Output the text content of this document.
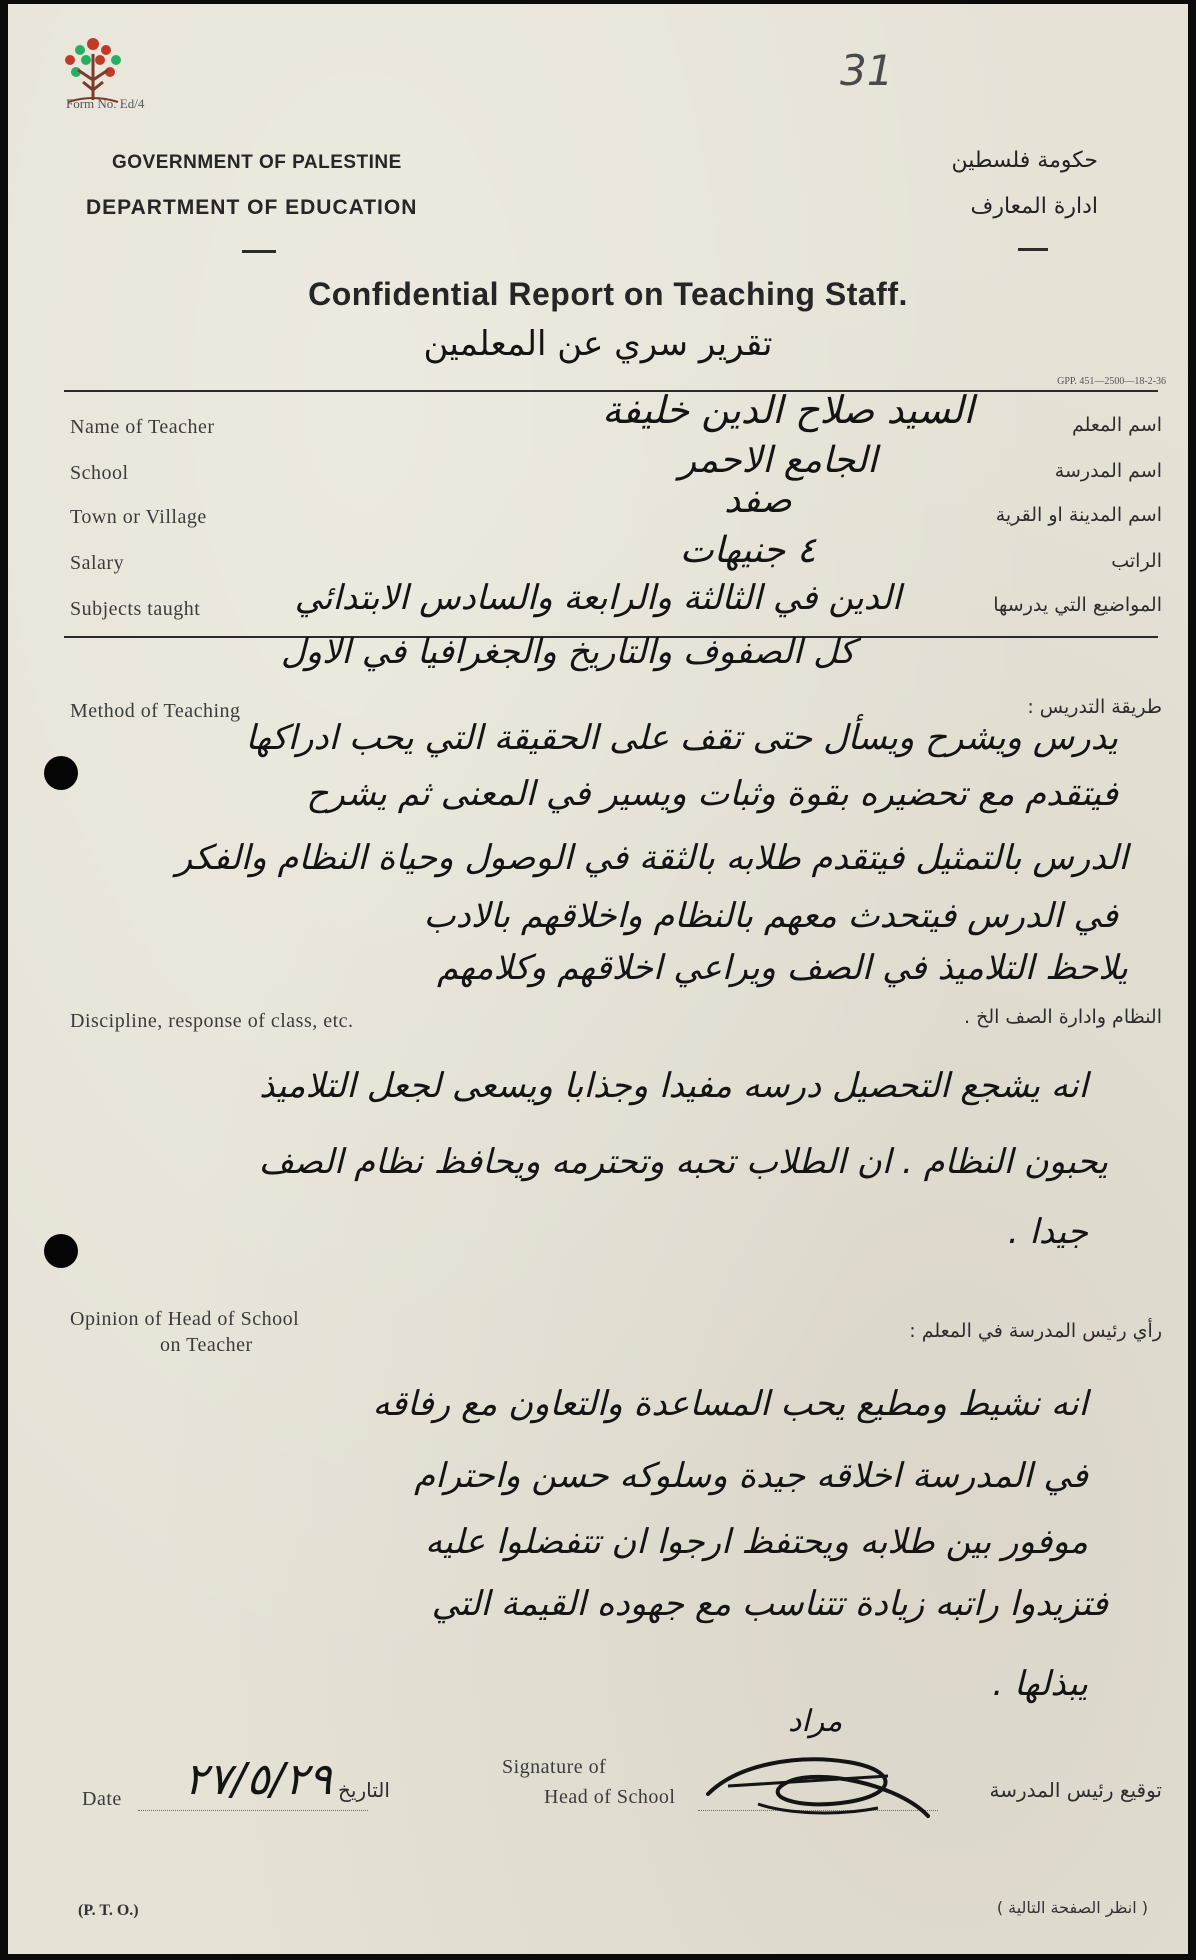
Form No. Ed/4
31
GOVERNMENT OF PALESTINE
DEPARTMENT OF EDUCATION
حكومة فلسطين
ادارة المعارف
Confidential Report on Teaching Staff.
تقرير سري عن المعلمين
GPP. 451—2500—18-2-36
Name of Teacher	اسم المعلم
السيد صلاح الدين خليفة
School	اسم المدرسة
الجامع الاحمر
Town or Village	اسم المدينة او القرية
صفد
Salary	الراتب
٤ جنيهات
Subjects taught	المواضيع التي يدرسها
الدين في الثالثة والرابعة والسادس الابتدائي
كل الصفوف والتاريخ والجغرافيا في الاول
Method of Teaching	طريقة التدريس :
يدرس ويشرح ويسأل حتى تقف على الحقيقة التي يحب ادراكها
فيتقدم مع تحضيره بقوة وثبات ويسير في المعنى ثم يشرح
الدرس بالتمثيل فيتقدم طلابه بالثقة في الوصول وحياة النظام والفكر
في الدرس فيتحدث معهم بالنظام واخلاقهم بالادب
يلاحظ التلاميذ في الصف ويراعي اخلاقهم وكلامهم
Discipline, response of class, etc.	النظام وادارة الصف الخ .
انه يشجع التحصيل درسه مفيدا وجذابا ويسعى لجعل التلاميذ
يحبون النظام . ان الطلاب تحبه وتحترمه ويحافظ نظام الصف
جيدا .
Opinion of Head of School
on Teacher
رأي رئيس المدرسة في المعلم :
انه نشيط ومطيع يحب المساعدة والتعاون مع رفاقه
في المدرسة اخلاقه جيدة وسلوكه حسن واحترام
موفور بين طلابه ويحتفظ ارجوا ان تتفضلوا عليه
فتزيدوا راتبه زيادة تتناسب مع جهوده القيمة التي
يبذلها .
Date	٢٧/٥/٢٩ التاريخ
Signature of
Head of School
مراد
توقيع رئيس المدرسة
(P. T. O.)	( انظر الصفحة التالية )
